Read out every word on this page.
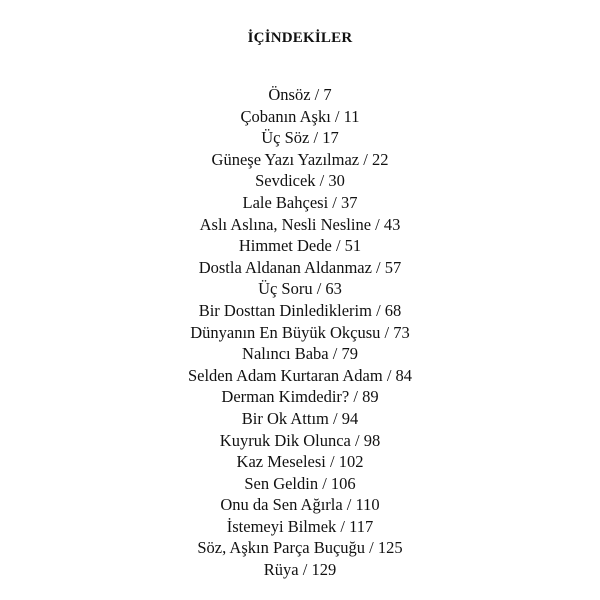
İÇİNDEKİLER
Önsöz / 7
Çobanın Aşkı / 11
Üç Söz / 17
Güneşe Yazı Yazılmaz / 22
Sevdicek / 30
Lale Bahçesi / 37
Aslı Aslına, Nesli Nesline / 43
Himmet Dede / 51
Dostla Aldanan Aldanmaz / 57
Üç Soru / 63
Bir Dosttan Dinlediklerim / 68
Dünyanın En Büyük Okçusu / 73
Nalıncı Baba / 79
Selden Adam Kurtaran Adam / 84
Derman Kimdedir? / 89
Bir Ok Attım / 94
Kuyruk Dik Olunca / 98
Kaz Meselesi / 102
Sen Geldin / 106
Onu da Sen Ağırla / 110
İstemeyi Bilmek / 117
Söz, Aşkın Parça Buçuğu / 125
Rüya / 129
